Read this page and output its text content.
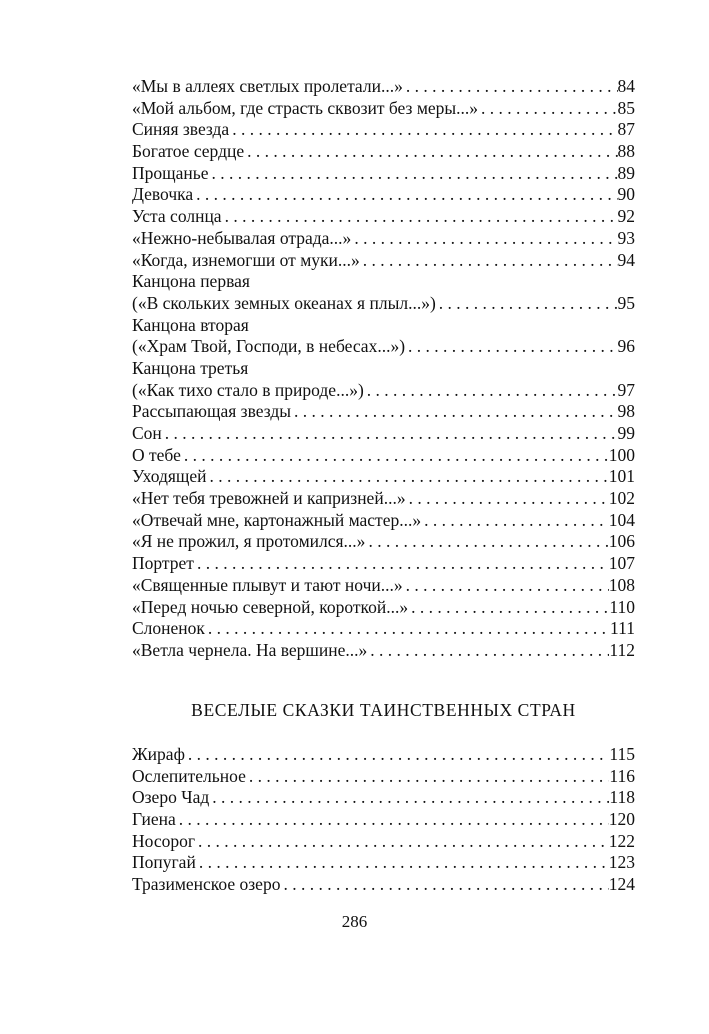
«Мы в аллеях светлых пролетали...» . . .	84
«Мой альбом, где страсть сквозит без меры...» . . .	85
Синяя звезда . . .	87
Богатое сердце . . .	88
Прощанье . . .	89
Девочка . . .	90
Уста солнца . . .	92
«Нежно-небывалая отрада...» . . .	93
«Когда, изнемогши от муки...» . . .	94
Канцона первая
(«В скольких земных океанах я плыл...») . . .	95
Канцона вторая
(«Храм Твой, Господи, в небесах...») . . .	96
Канцона третья
(«Как тихо стало в природе...») . . .	97
Рассыпающая звезды . . .	98
Сон . . .	99
О тебе . . .	100
Уходящей . . .	101
«Нет тебя тревожней и капризней...» . . .	102
«Отвечай мне, картонажный мастер...» . . .	104
«Я не прожил, я протомился...» . . .	106
Портрет . . .	107
«Священные плывут и тают ночи...» . . .	108
«Перед ночью северной, короткой...» . . .	110
Слоненок . . .	111
«Ветла чернела. На вершине...» . . .	112
ВЕСЕЛЫЕ СКАЗКИ ТАИНСТВЕННЫХ СТРАН
Жираф . . .	115
Ослепительное . . .	116
Озеро Чад . . .	118
Гиена . . .	120
Носорог . . .	122
Попугай . . .	123
Тразименское озеро . . .	124
286
